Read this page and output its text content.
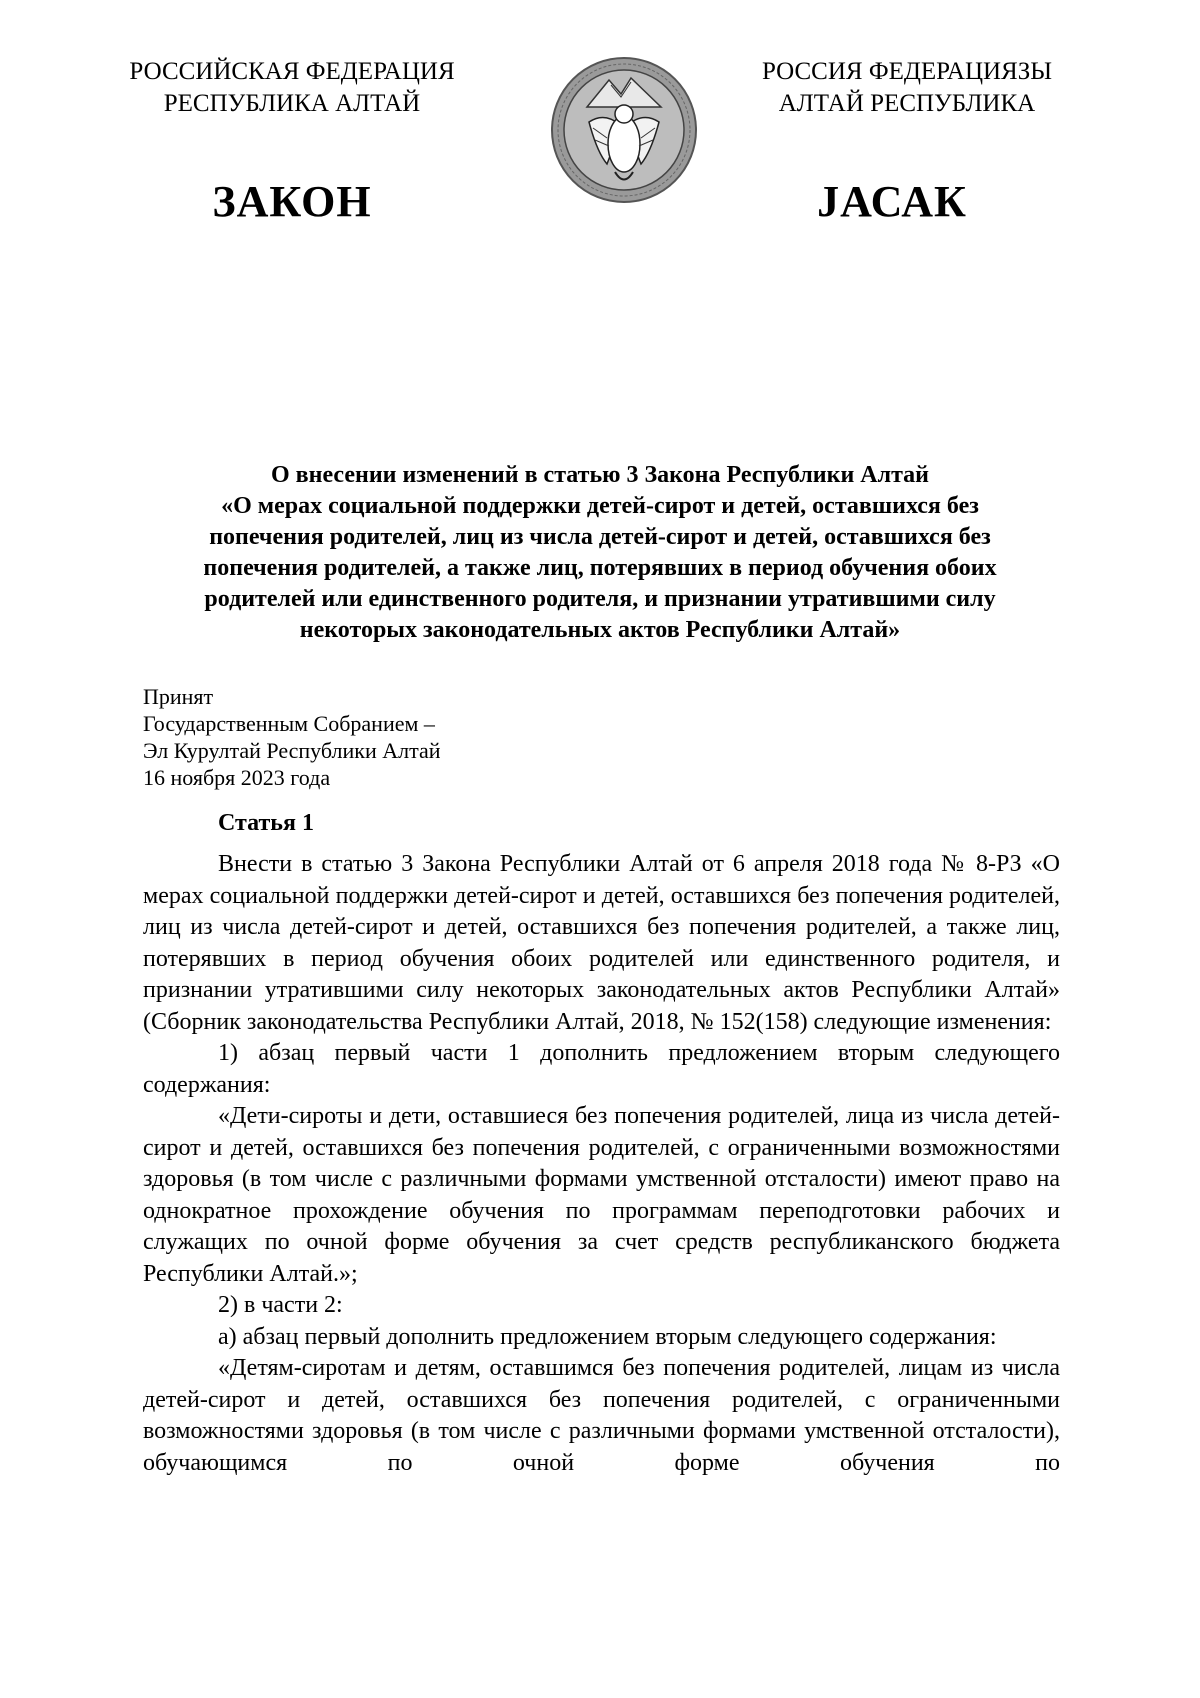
РОССИЙСКАЯ ФЕДЕРАЦИЯ
РЕСПУБЛИКА АЛТАЙ
РОССИЯ ФЕДЕРАЦИЯЗЫ
АЛТАЙ РЕСПУБЛИКА
ЗАКОН	JАСАК
О внесении изменений в статью 3 Закона Республики Алтай
«О мерах социальной поддержки детей-сирот и детей, оставшихся без
попечения родителей, лиц из числа детей-сирот и детей, оставшихся без
попечения родителей, а также лиц, потерявших в период обучения обоих
родителей или единственного родителя, и признании утратившими силу
некоторых законодательных актов Республики Алтай»
Принят
Государственным Собранием –
Эл Курултай Республики Алтай
16 ноября 2023 года
Статья 1

Внести в статью 3 Закона Республики Алтай от 6 апреля 2018 года № 8-РЗ «О мерах социальной поддержки детей-сирот и детей, оставшихся без попечения родителей, лиц из числа детей-сирот и детей, оставшихся без попечения родителей, а также лиц, потерявших в период обучения обоих родителей или единственного родителя, и признании утратившими силу некоторых законодательных актов Республики Алтай» (Сборник законодательства Республики Алтай, 2018, № 152(158) следующие изменения:

1) абзац первый части 1 дополнить предложением вторым следующего содержания:

«Дети-сироты и дети, оставшиеся без попечения родителей, лица из числа детей-сирот и детей, оставшихся без попечения родителей, с ограниченными возможностями здоровья (в том числе с различными формами умственной отсталости) имеют право на однократное прохождение обучения по программам переподготовки рабочих и служащих по очной форме обучения за счет средств республиканского бюджета Республики Алтай.»;

2) в части 2:

а) абзац первый дополнить предложением вторым следующего содержания:

«Детям-сиротам и детям, оставшимся без попечения родителей, лицам из числа детей-сирот и детей, оставшихся без попечения родителей, с ограниченными возможностями здоровья (в том числе с различными формами умственной отсталости), обучающимся по очной форме обучения по
